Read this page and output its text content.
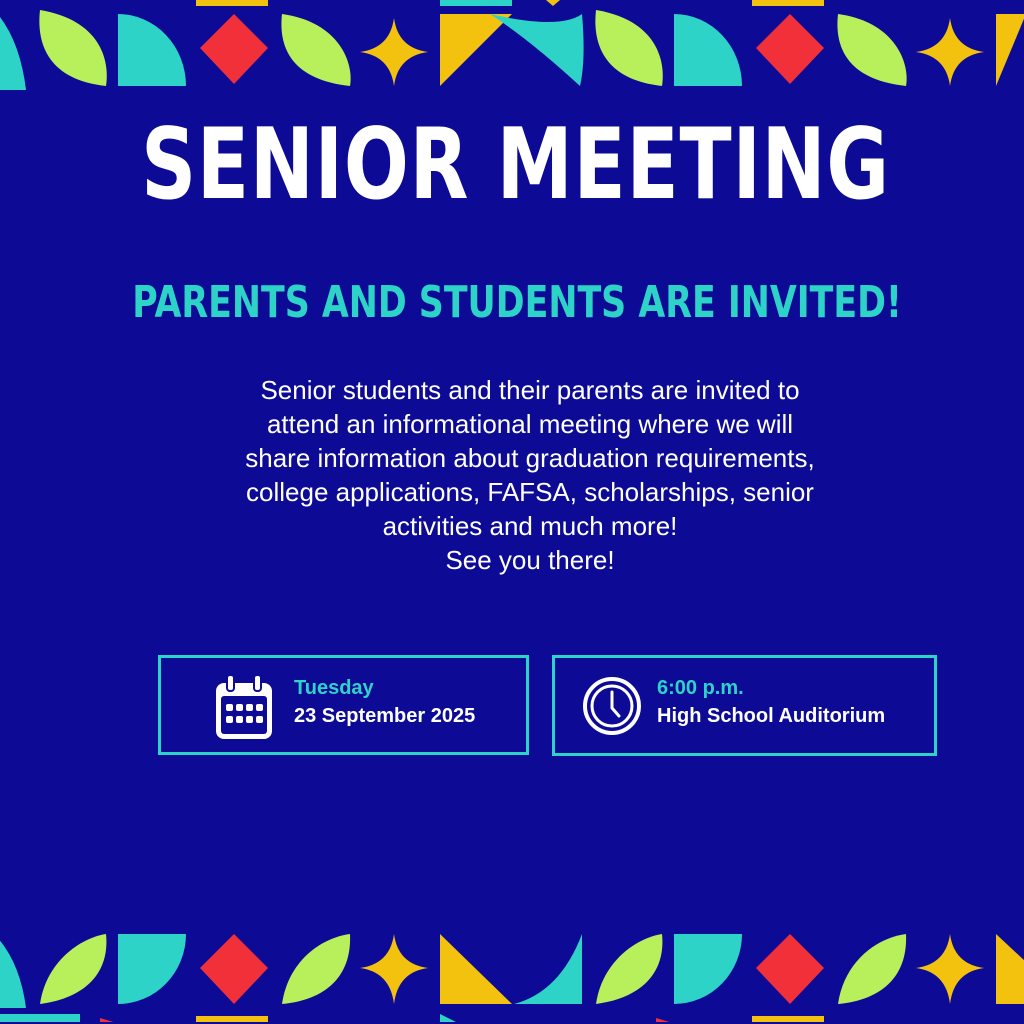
SENIOR MEETING
PARENTS AND STUDENTS ARE INVITED!

Senior students and their parents are invited to

attend an informational meeting where we will

share information about graduation requirements,

college applications, FAFSA, scholarships, senior

activities and much more!

See you there!

Tuesday
23 September 2025
6:00 p.m.
High School Auditorium
